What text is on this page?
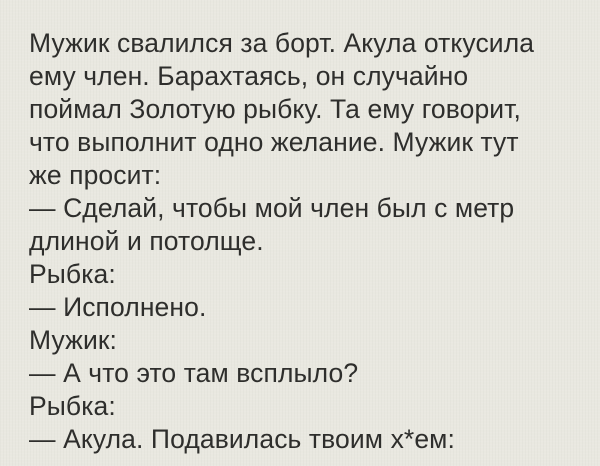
Мужик свалился за борт. Акула откусила
ему член. Барахтаясь, он случайно
поймал Золотую рыбку. Та ему говорит,
что выполнит одно желание. Мужик тут
же просит:
— Сделай, чтобы мой член был с метр
длиной и потолще.
Рыбка:
— Исполнено.
Мужик:
— А что это там всплыло?
Рыбка:
— Акула. Подавилась твоим х*ем:
